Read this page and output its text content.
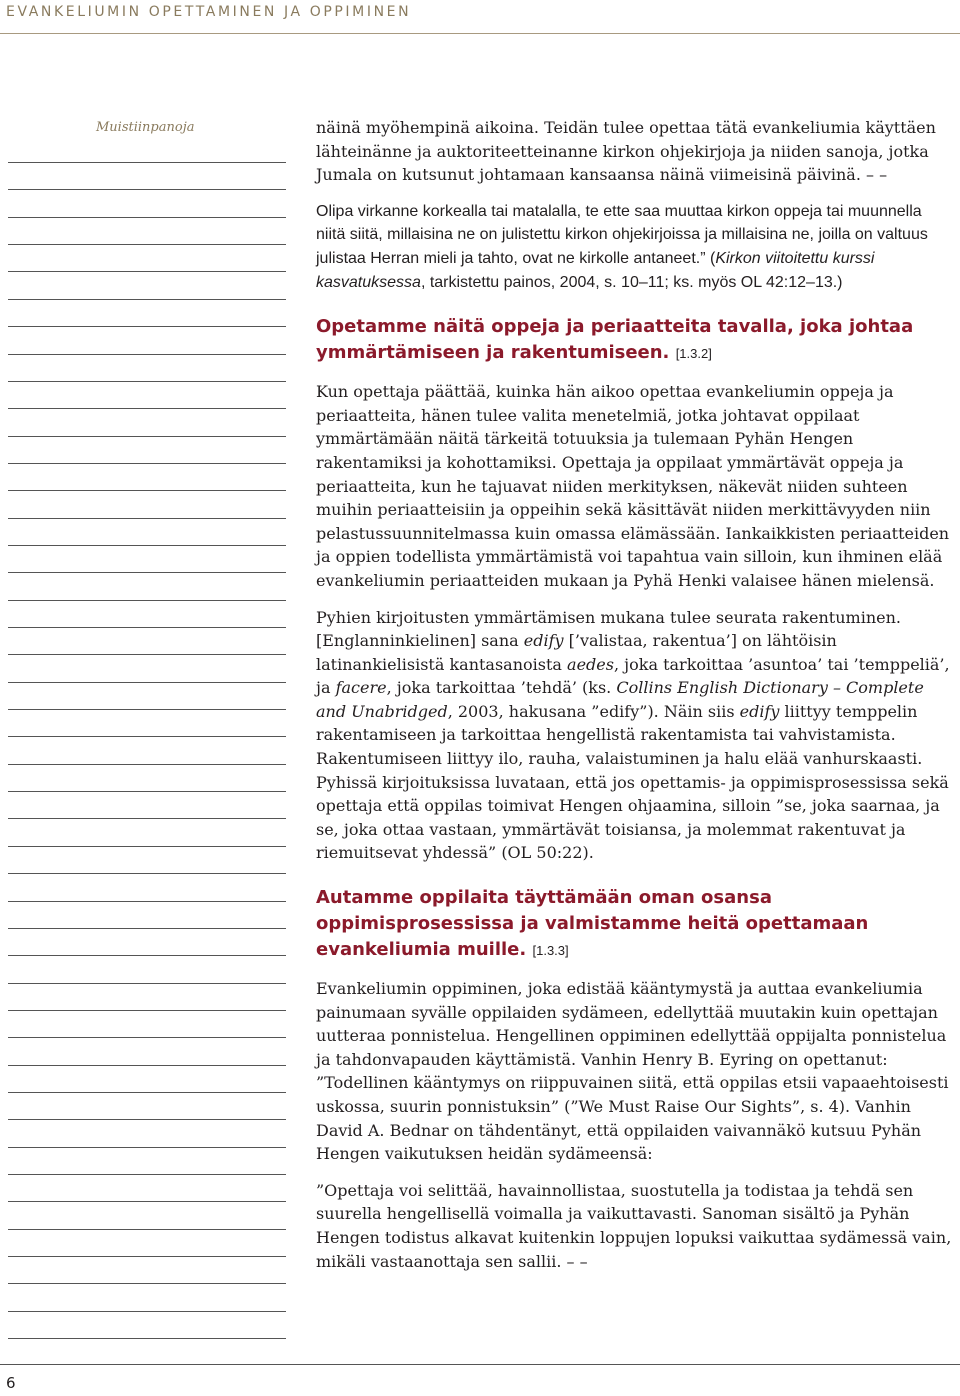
EVANKELIUMIN OPETTAMINEN JA OPPIMINEN
Muistiinpanoja	näinä myöhempinä aikoina. Teidän tulee opettaa tätä evankeliumia käyttäen lähteinänne ja auktoriteetteinanne kirkon ohjekirjoja ja niiden sanoja, jotka Jumala on kutsunut johtamaan kansaansa näinä viimeisinä päivinä. – –

Olipa virkanne korkealla tai matalalla, te ette saa muuttaa kirkon oppeja tai muunnella niitä siitä, millaisina ne on julistettu kirkon ohjekirjoissa ja millaisina ne, joilla on valtuus julistaa Herran mieli ja tahto, ovat ne kirkolle antaneet.” (Kirkon viitoitettu kurssi kasvatuksessa, tarkistettu painos, 2004, s. 10–11; ks. myös OL 42:12–13.)

Opetamme näitä oppeja ja periaatteita tavalla, joka johtaa ymmärtämiseen ja rakentumiseen. [1.3.2]

Kun opettaja päättää, kuinka hän aikoo opettaa evankeliumin oppeja ja periaatteita, hänen tulee valita menetelmiä, jotka johtavat oppilaat ymmärtämään näitä tärkeitä totuuksia ja tulemaan Pyhän Hengen rakentamiksi ja kohottamiksi. Opettaja ja oppilaat ymmärtävät oppeja ja periaatteita, kun he tajuavat niiden merkityksen, näkevät niiden suhteen muihin periaatteisiin ja oppeihin sekä käsittävät niiden merkittävyyden niin pelastussuunnitelmassa kuin omassa elämässään. Iankaikkisten periaatteiden ja oppien todellista ymmärtämistä voi tapahtua vain silloin, kun ihminen elää evankeliumin periaatteiden mukaan ja Pyhä Henki valaisee hänen mielensä.

Pyhien kirjoitusten ymmärtämisen mukana tulee seurata rakentuminen. [Englanninkielinen] sana edify [’valistaa, rakentua’] on lähtöisin latinankielisistä kantasanoista aedes, joka tarkoittaa ’asuntoa’ tai ’temppeliä’, ja facere, joka tarkoittaa ’tehdä’ (ks. Collins English Dictionary – Complete and Unabridged, 2003, hakusana ”edify”). Näin siis edify liittyy temppelin rakentamiseen ja tarkoittaa hengellistä rakentamista tai vahvistamista. Rakentumiseen liittyy ilo, rauha, valaistuminen ja halu elää vanhurskaasti. Pyhissä kirjoituksissa luvataan, että jos opettamis- ja oppimisprosessissa sekä opettaja että oppilas toimivat Hengen ohjaamina, silloin ”se, joka saarnaa, ja se, joka ottaa vastaan, ymmärtävät toisiansa, ja molemmat rakentuvat ja riemuitsevat yhdessä” (OL 50:22).

Autamme oppilaita täyttämään oman osansa oppimisprosessissa ja valmistamme heitä opettamaan evankeliumia muille. [1.3.3]

Evankeliumin oppiminen, joka edistää kääntymystä ja auttaa evankeliumia painumaan syvälle oppilaiden sydämeen, edellyttää muutakin kuin opettajan uutteraa ponnistelua. Hengellinen oppiminen edellyttää oppijalta ponnistelua ja tahdonvapauden käyttämistä. Vanhin Henry B. Eyring on opettanut: ”Todellinen kääntymys on riippuvainen siitä, että oppilas etsii vapaaehtoisesti uskossa, suurin ponnistuksin” (”We Must Raise Our Sights”, s. 4). Vanhin David A. Bednar on tähdentänyt, että oppilaiden vaivannäkö kutsuu Pyhän Hengen vaikutuksen heidän sydämeensä:

”Opettaja voi selittää, havainnollistaa, suostutella ja todistaa ja tehdä sen suurella hengellisellä voimalla ja vaikuttavasti. Sanoman sisältö ja Pyhän Hengen todistus alkavat kuitenkin loppujen lopuksi vaikuttaa sydämessä vain, mikäli vastaanottaja sen sallii. – –

6
